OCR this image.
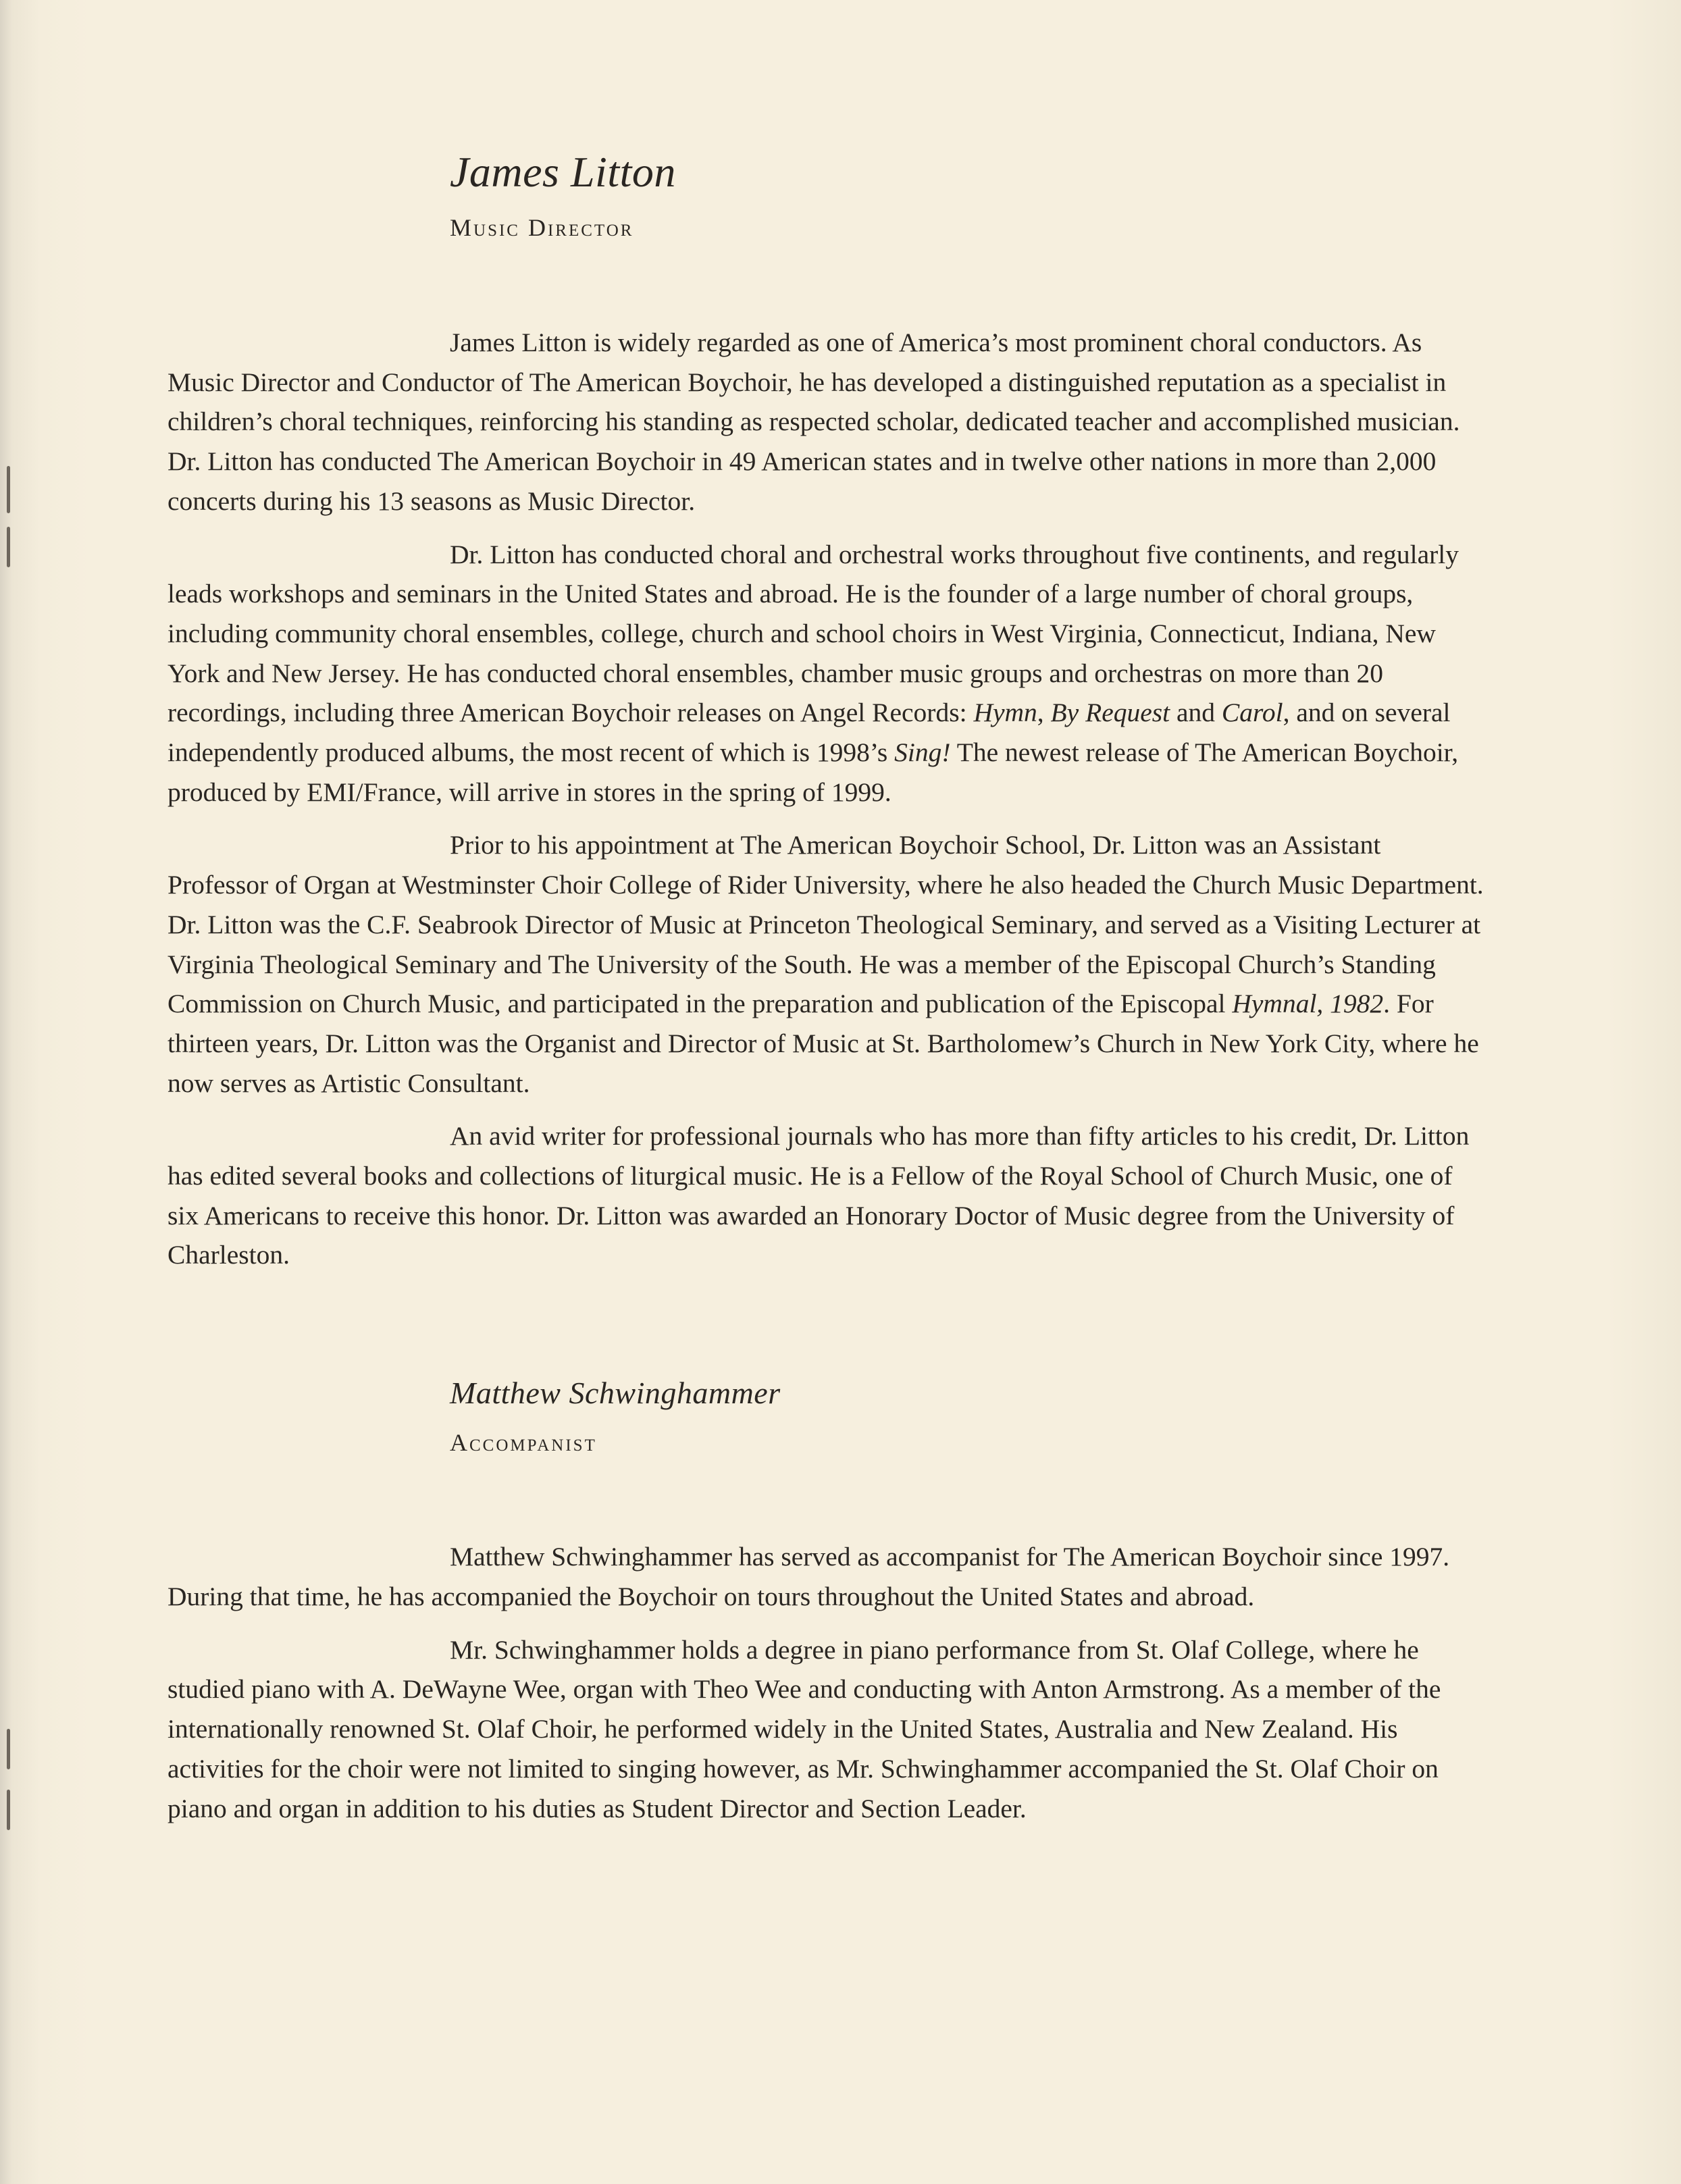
James Litton
Music Director

James Litton is widely regarded as one of America’s most prominent choral conductors. As Music Director and Conductor of The American Boychoir, he has developed a distinguished reputation as a specialist in children’s choral techniques, reinforcing his standing as respected scholar, dedicated teacher and accomplished musician. Dr. Litton has conducted The American Boychoir in 49 American states and in twelve other nations in more than 2,000 concerts during his 13 seasons as Music Director.

Dr. Litton has conducted choral and orchestral works throughout five continents, and regularly leads workshops and seminars in the United States and abroad. He is the founder of a large number of choral groups, including community choral ensembles, college, church and school choirs in West Virginia, Connecticut, Indiana, New York and New Jersey. He has conducted choral ensembles, chamber music groups and orchestras on more than 20 recordings, including three American Boychoir releases on Angel Records: Hymn, By Request and Carol, and on several independently produced albums, the most recent of which is 1998’s Sing! The newest release of The American Boychoir, produced by EMI/France, will arrive in stores in the spring of 1999.

Prior to his appointment at The American Boychoir School, Dr. Litton was an Assistant Professor of Organ at Westminster Choir College of Rider University, where he also headed the Church Music Department. Dr. Litton was the C.F. Seabrook Director of Music at Princeton Theological Seminary, and served as a Visiting Lecturer at Virginia Theological Seminary and The University of the South. He was a member of the Episcopal Church’s Standing Commission on Church Music, and participated in the preparation and publication of the Episcopal Hymnal, 1982. For thirteen years, Dr. Litton was the Organist and Director of Music at St. Bartholomew’s Church in New York City, where he now serves as Artistic Consultant.

An avid writer for professional journals who has more than fifty articles to his credit, Dr. Litton has edited several books and collections of liturgical music. He is a Fellow of the Royal School of Church Music, one of six Americans to receive this honor. Dr. Litton was awarded an Honorary Doctor of Music degree from the University of Charleston.

Matthew Schwinghammer
Accompanist

Matthew Schwinghammer has served as accompanist for The American Boychoir since 1997. During that time, he has accompanied the Boychoir on tours throughout the United States and abroad.

Mr. Schwinghammer holds a degree in piano performance from St. Olaf College, where he studied piano with A. DeWayne Wee, organ with Theo Wee and conducting with Anton Armstrong. As a member of the internationally renowned St. Olaf Choir, he performed widely in the United States, Australia and New Zealand. His activities for the choir were not limited to singing however, as Mr. Schwinghammer accompanied the St. Olaf Choir on piano and organ in addition to his duties as Student Director and Section Leader.
